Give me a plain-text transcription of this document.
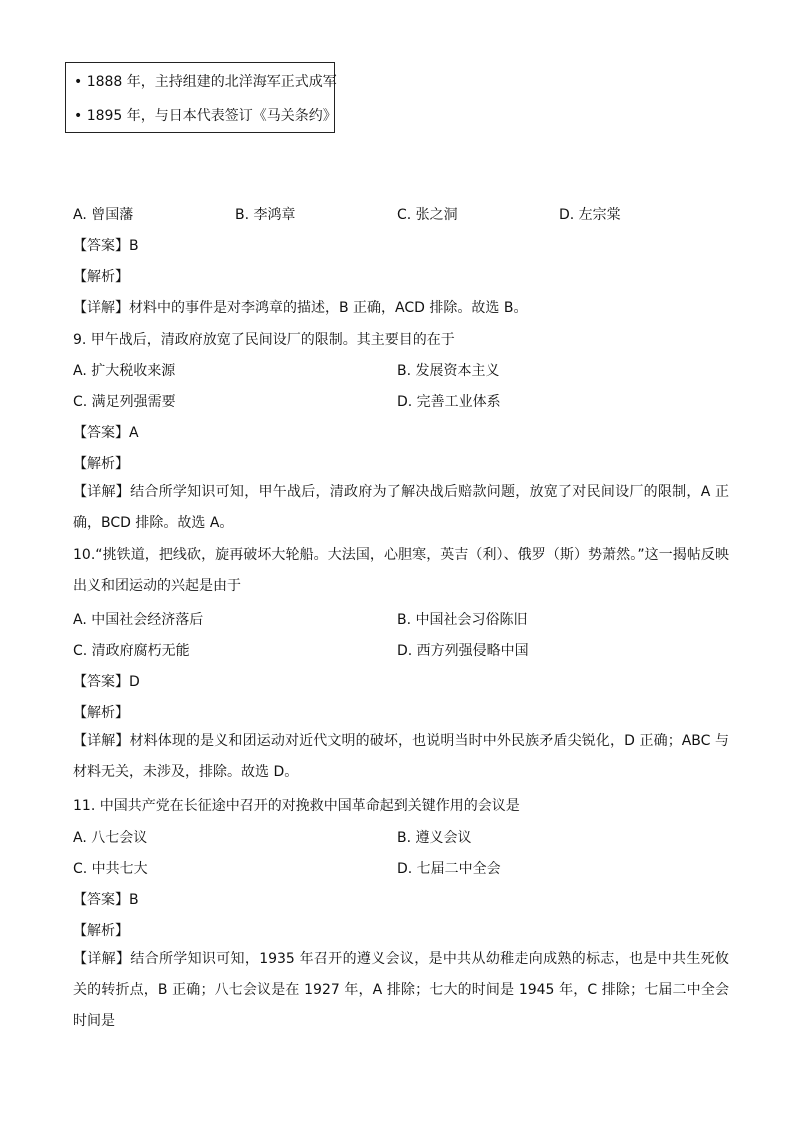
• 1888 年，主持组建的北洋海军正式成军
• 1895 年，与日本代表签订《马关条约》
A. 曾国藩	B. 李鸿章	C. 张之洞	D. 左宗棠
【答案】B
【解析】
【详解】材料中的事件是对李鸿章的描述，B 正确，ACD 排除。故选 B。
9. 甲午战后，清政府放宽了民间设厂的限制。其主要目的在于
A. 扩大税收来源	B. 发展资本主义
C. 满足列强需要	D. 完善工业体系
【答案】A
【解析】
【详解】结合所学知识可知，甲午战后，清政府为了解决战后赔款问题，放宽了对民间设厂的限制，A 正确，BCD 排除。故选 A。
10.“挑铁道，把线砍，旋再破坏大轮船。大法国，心胆寒，英吉（利）、俄罗（斯）势萧然。”这一揭帖反映出义和团运动的兴起是由于
A. 中国社会经济落后	B. 中国社会习俗陈旧
C. 清政府腐朽无能	D. 西方列强侵略中国
【答案】D
【解析】
【详解】材料体现的是义和团运动对近代文明的破坏，也说明当时中外民族矛盾尖锐化，D 正确；ABC 与材料无关，未涉及，排除。故选 D。
11. 中国共产党在长征途中召开的对挽救中国革命起到关键作用的会议是
A. 八七会议	B. 遵义会议
C. 中共七大	D. 七届二中全会
【答案】B
【解析】
【详解】结合所学知识可知，1935 年召开的遵义会议，是中共从幼稚走向成熟的标志，也是中共生死攸关的转折点，B 正确；八七会议是在 1927 年，A 排除；七大的时间是 1945 年，C 排除；七届二中全会时间是
